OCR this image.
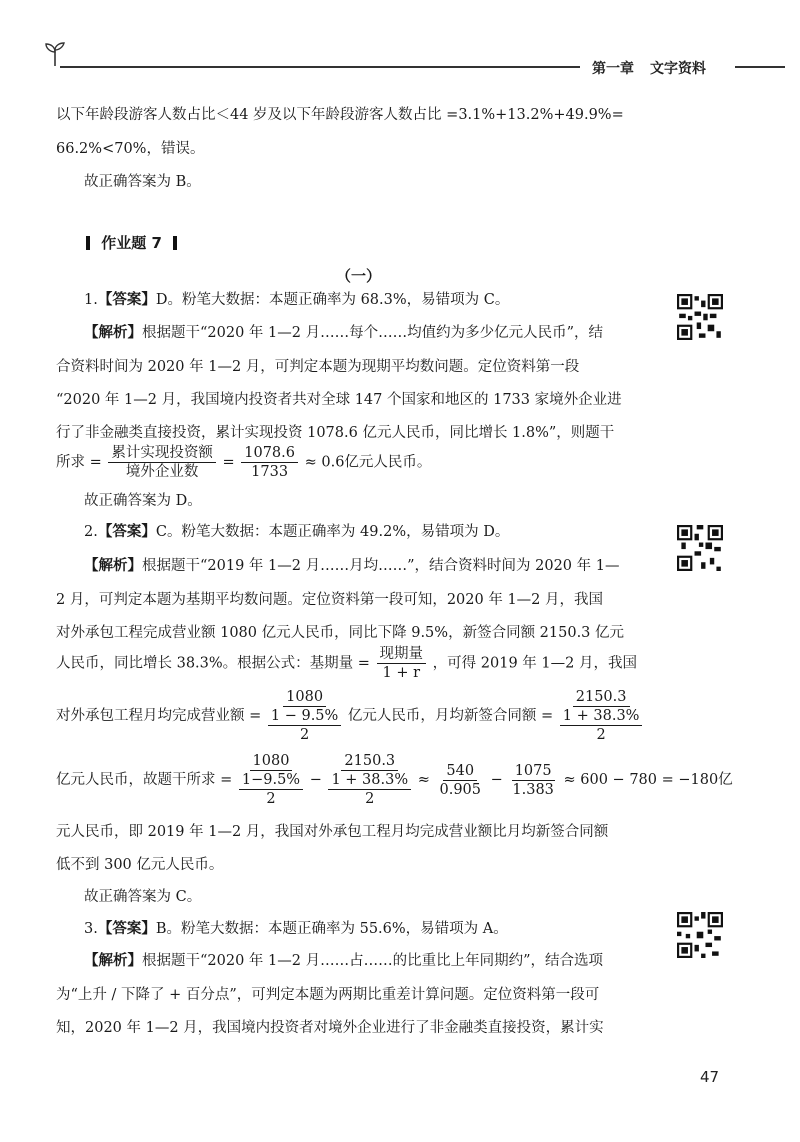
第一章 文字资料
以下年龄段游客人数占比＜44 岁及以下年龄段游客人数占比 =3.1%+13.2%+49.9%=
66.2%<70%，错误。
故正确答案为 B。
作业题 7
（一）
1.【答案】D。粉笔大数据：本题正确率为 68.3%，易错项为 C。
【解析】根据题干“2020 年 1—2 月……每个……均值约为多少亿元人民币”，结
合资料时间为 2020 年 1—2 月，可判定本题为现期平均数问题。定位资料第一段
“2020 年 1—2 月，我国境内投资者共对全球 147 个国家和地区的 1733 家境外企业进
行了非金融类直接投资，累计实现投资 1078.6 亿元人民币，同比增长 1.8%”，则题干
所求 = $\frac{\text{累计实现投资额}}{\text{境外企业数}} = \frac{1078.6}{1733} \approx 0.6$亿元人民币。
故正确答案为 D。
2.【答案】C。粉笔大数据：本题正确率为 49.2%，易错项为 D。
【解析】根据题干“2019 年 1—2 月……月均……”，结合资料时间为 2020 年 1—
2 月，可判定本题为基期平均数问题。定位资料第一段可知，2020 年 1—2 月，我国
对外承包工程完成营业额 1080 亿元人民币，同比下降 9.5%，新签合同额 2150.3 亿元
人民币，同比增长 38.3%。根据公式：基期量 = $\frac{\text{现期量}}{1 + r}$ ，可得 2019 年 1—2 月，我国
对外承包工程月均完成营业额 =
1080
1 − 9.5%
2
亿元人民币，月均新签合同额 =
2150.3
1 + 38.3%
2
亿元人民币，故题干所求 =
1080
1−9.5%
2
−
2150.3
1 + 38.3%
2
≈ $\frac{540}{0.905} - \frac{1075}{1.383} \approx 600 - 780 = -180$亿
元人民币，即 2019 年 1—2 月，我国对外承包工程月均完成营业额比月均新签合同额
低不到 300 亿元人民币。
故正确答案为 C。
3.【答案】B。粉笔大数据：本题正确率为 55.6%，易错项为 A。
【解析】根据题干“2020 年 1—2 月……占……的比重比上年同期约”，结合选项
为“上升 / 下降了 + 百分点”，可判定本题为两期比重差计算问题。定位资料第一段可
知，2020 年 1—2 月，我国境内投资者对境外企业进行了非金融类直接投资，累计实
47
